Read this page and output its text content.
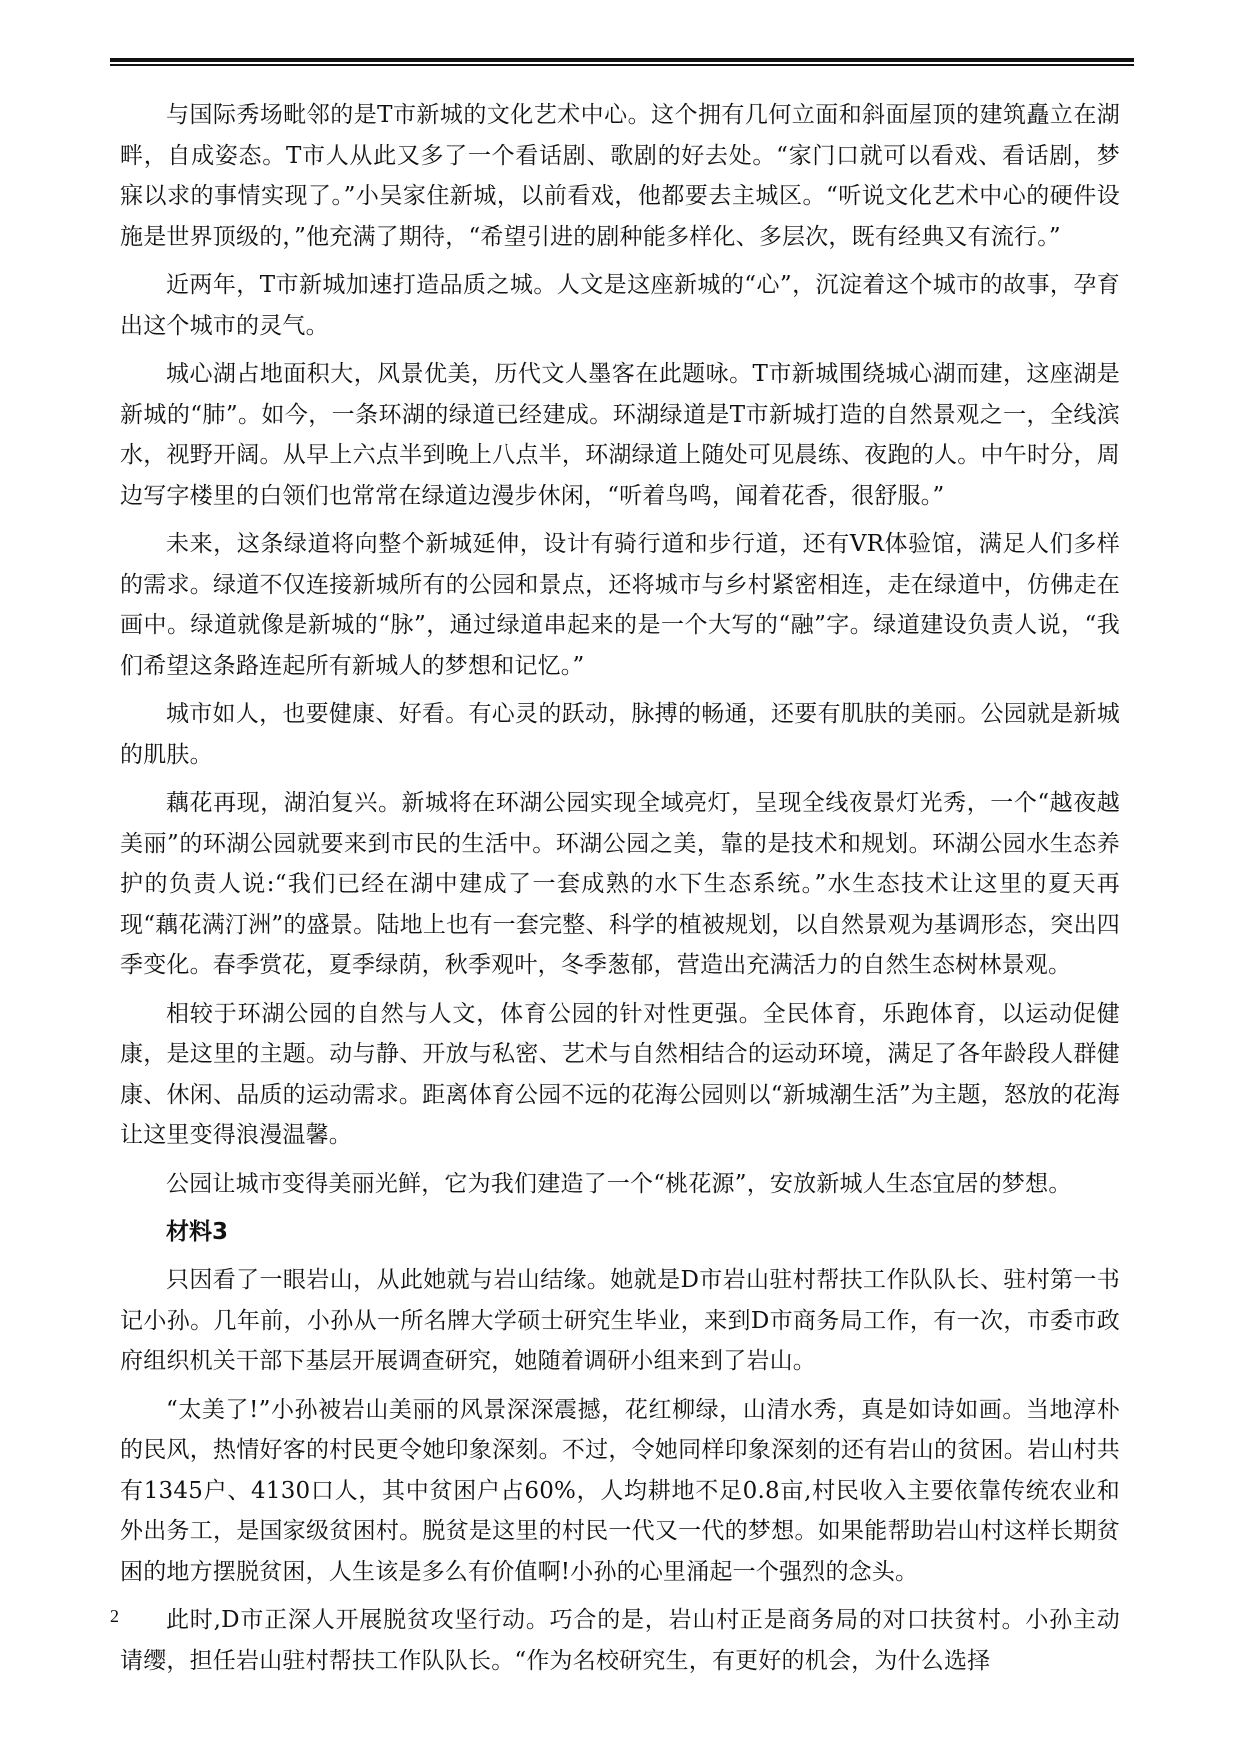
与国际秀场毗邻的是T市新城的文化艺术中心。这个拥有几何立面和斜面屋顶的建筑矗立在湖畔，自成姿态。T市人从此又多了一个看话剧、歌剧的好去处。“家门口就可以看戏、看话剧，梦寐以求的事情实现了。”小吴家住新城，以前看戏，他都要去主城区。“听说文化艺术中心的硬件设施是世界顶级的，”他充满了期待，“希望引进的剧种能多样化、多层次，既有经典又有流行。”

近两年，T市新城加速打造品质之城。人文是这座新城的“心”，沉淀着这个城市的故事，孕育出这个城市的灵气。

城心湖占地面积大，风景优美，历代文人墨客在此题咏。T市新城围绕城心湖而建，这座湖是新城的“肺”。如今，一条环湖的绿道已经建成。环湖绿道是T市新城打造的自然景观之一，全线滨水，视野开阔。从早上六点半到晚上八点半，环湖绿道上随处可见晨练、夜跑的人。中午时分，周边写字楼里的白领们也常常在绿道边漫步休闲，“听着鸟鸣，闻着花香，很舒服。”

未来，这条绿道将向整个新城延伸，设计有骑行道和步行道，还有VR体验馆，满足人们多样的需求。绿道不仅连接新城所有的公园和景点，还将城市与乡村紧密相连，走在绿道中，仿佛走在画中。绿道就像是新城的“脉”，通过绿道串起来的是一个大写的“融”字。绿道建设负责人说，“我们希望这条路连起所有新城人的梦想和记忆。”

城市如人，也要健康、好看。有心灵的跃动，脉搏的畅通，还要有肌肤的美丽。公园就是新城的肌肤。

藕花再现，湖泊复兴。新城将在环湖公园实现全域亮灯，呈现全线夜景灯光秀，一个“越夜越美丽”的环湖公园就要来到市民的生活中。环湖公园之美，靠的是技术和规划。环湖公园水生态养护的负责人说:“我们已经在湖中建成了一套成熟的水下生态系统。”水生态技术让这里的夏天再现“藕花满汀洲”的盛景。陆地上也有一套完整、科学的植被规划，以自然景观为基调形态，突出四季变化。春季赏花，夏季绿荫，秋季观叶，冬季葱郁，营造出充满活力的自然生态树林景观。

相较于环湖公园的自然与人文，体育公园的针对性更强。全民体育，乐跑体育，以运动促健康，是这里的主题。动与静、开放与私密、艺术与自然相结合的运动环境，满足了各年龄段人群健康、休闲、品质的运动需求。距离体育公园不远的花海公园则以“新城潮生活”为主题，怒放的花海让这里变得浪漫温馨。

公园让城市变得美丽光鲜，它为我们建造了一个“桃花源”，安放新城人生态宜居的梦想。

材料3

只因看了一眼岩山，从此她就与岩山结缘。她就是D市岩山驻村帮扶工作队队长、驻村第一书记小孙。几年前，小孙从一所名牌大学硕士研究生毕业，来到D市商务局工作，有一次，市委市政府组织机关干部下基层开展调查研究，她随着调研小组来到了岩山。

“太美了!”小孙被岩山美丽的风景深深震撼，花红柳绿，山清水秀，真是如诗如画。当地淳朴的民风，热情好客的村民更令她印象深刻。不过，令她同样印象深刻的还有岩山的贫困。岩山村共有1345户、4130口人，其中贫困户占60%，人均耕地不足0.8亩,村民收入主要依靠传统农业和外出务工，是国家级贫困村。脱贫是这里的村民一代又一代的梦想。如果能帮助岩山村这样长期贫困的地方摆脱贫困，人生该是多么有价值啊!小孙的心里涌起一个强烈的念头。

此时,D市正深人开展脱贫攻坚行动。巧合的是，岩山村正是商务局的对口扶贫村。小孙主动请缨，担任岩山驻村帮扶工作队队长。“作为名校研究生，有更好的机会，为什么选择

2
